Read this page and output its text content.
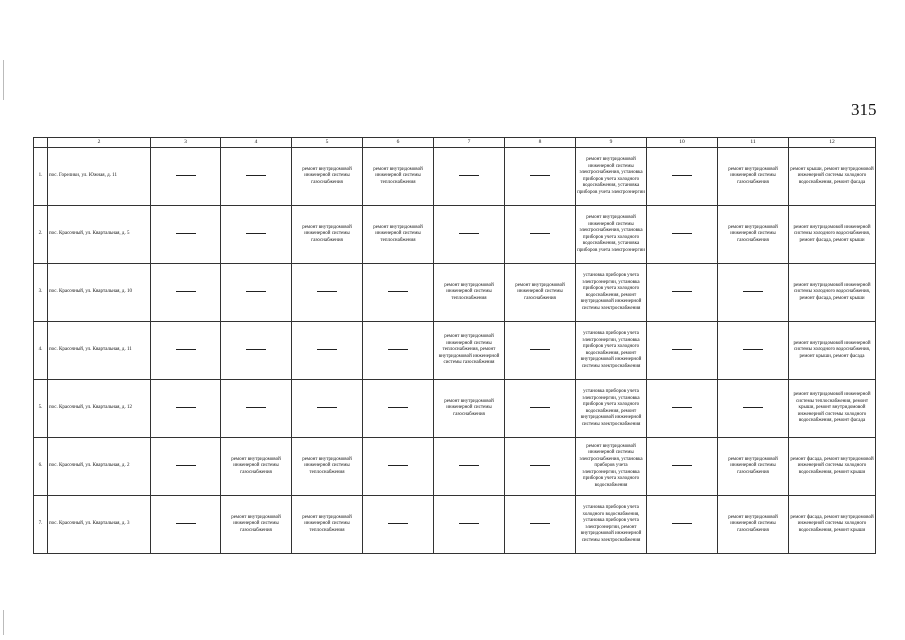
315
	2	3	4	5	6	7	8	9	10	11	12
1.	пос. Горелики, ул. Южная, д. 11			ремонт внутридомовой инженерной системы газоснабжения	ремонт внутридомовой инженерной системы теплоснабжения			ремонт внутридомовой инженерной системы электроснабжения, установка приборов учета холодного водоснабжения, установка приборов учета электроэнергии		ремонт внутридомовой инженерной системы газоснабжения	ремонт крыши, ремонт внутридомовой инженерной системы холодного водоснабжения, ремонт фасада
2.	пос. Красочный, ул. Квартальная, д. 5			ремонт внутридомовой инженерной системы газоснабжения	ремонт внутридомовой инженерной системы теплоснабжения			ремонт внутридомовой инженерной системы электроснабжения, установка приборов учета холодного водоснабжения, установка приборов учета электроэнергии		ремонт внутридомовой инженерной системы газоснабжения	ремонт внутридомовой инженерной системы холодного водоснабжения, ремонт фасада, ремонт крыши
3.	пос. Красочный, ул. Квартальная, д. 10					ремонт внутридомовой инженерной системы теплоснабжения	ремонт внутридомовой инженерной системы газоснабжения	установка приборов учета электроэнергии, установка приборов учета холодного водоснабжения, ремонт внутридомовой инженерной системы электроснабжения			ремонт внутридомовой инженерной системы холодного водоснабжения, ремонт фасада, ремонт крыши
4.	пос. Красочный, ул. Квартальная, д. 11					ремонт внутридомовой инженерной системы теплоснабжения, ремонт внутридомовой инженерной системы газоснабжения		установка приборов учета электроэнергии, установка приборов учета холодного водоснабжения, ремонт внутридомовой инженерной системы электроснабжения			ремонт внутридомовой инженерной системы холодного водоснабжения, ремонт крыши, ремонт фасада
5.	пос. Красочный, ул. Квартальная, д. 12					ремонт внутридомовой инженерной системы газоснабжения		установка приборов учета электроэнергии, установка приборов учета холодного водоснабжения, ремонт внутридомовой инженерной системы электроснабжения			ремонт внутридомовой инженерной системы теплоснабжения, ремонт крыши, ремонт внутридомовой инженерной системы холодного водоснабжения, ремонт фасада
6.	пос. Красочный, ул. Квартальная, д. 2		ремонт внутридомовой инженерной системы газоснабжения	ремонт внутридомовой инженерной системы теплоснабжения				ремонт внутридомовой инженерной системы электроснабжения, установка приборов учета электроэнергии, установка приборов учета холодного водоснабжения		ремонт внутридомовой инженерной системы газоснабжения	ремонт фасада, ремонт внутридомовой инженерной системы холодного водоснабжения, ремонт крыши
7.	пос. Красочный, ул. Квартальная, д. 3		ремонт внутридомовой инженерной системы газоснабжения	ремонт внутридомовой инженерной системы теплоснабжения				установка приборов учета холодного водоснабжения, установка приборов учета электроэнергии, ремонт внутридомовой инженерной системы электроснабжения		ремонт внутридомовой инженерной системы газоснабжения	ремонт фасада, ремонт внутридомовой инженерной системы холодного водоснабжения, ремонт крыши
